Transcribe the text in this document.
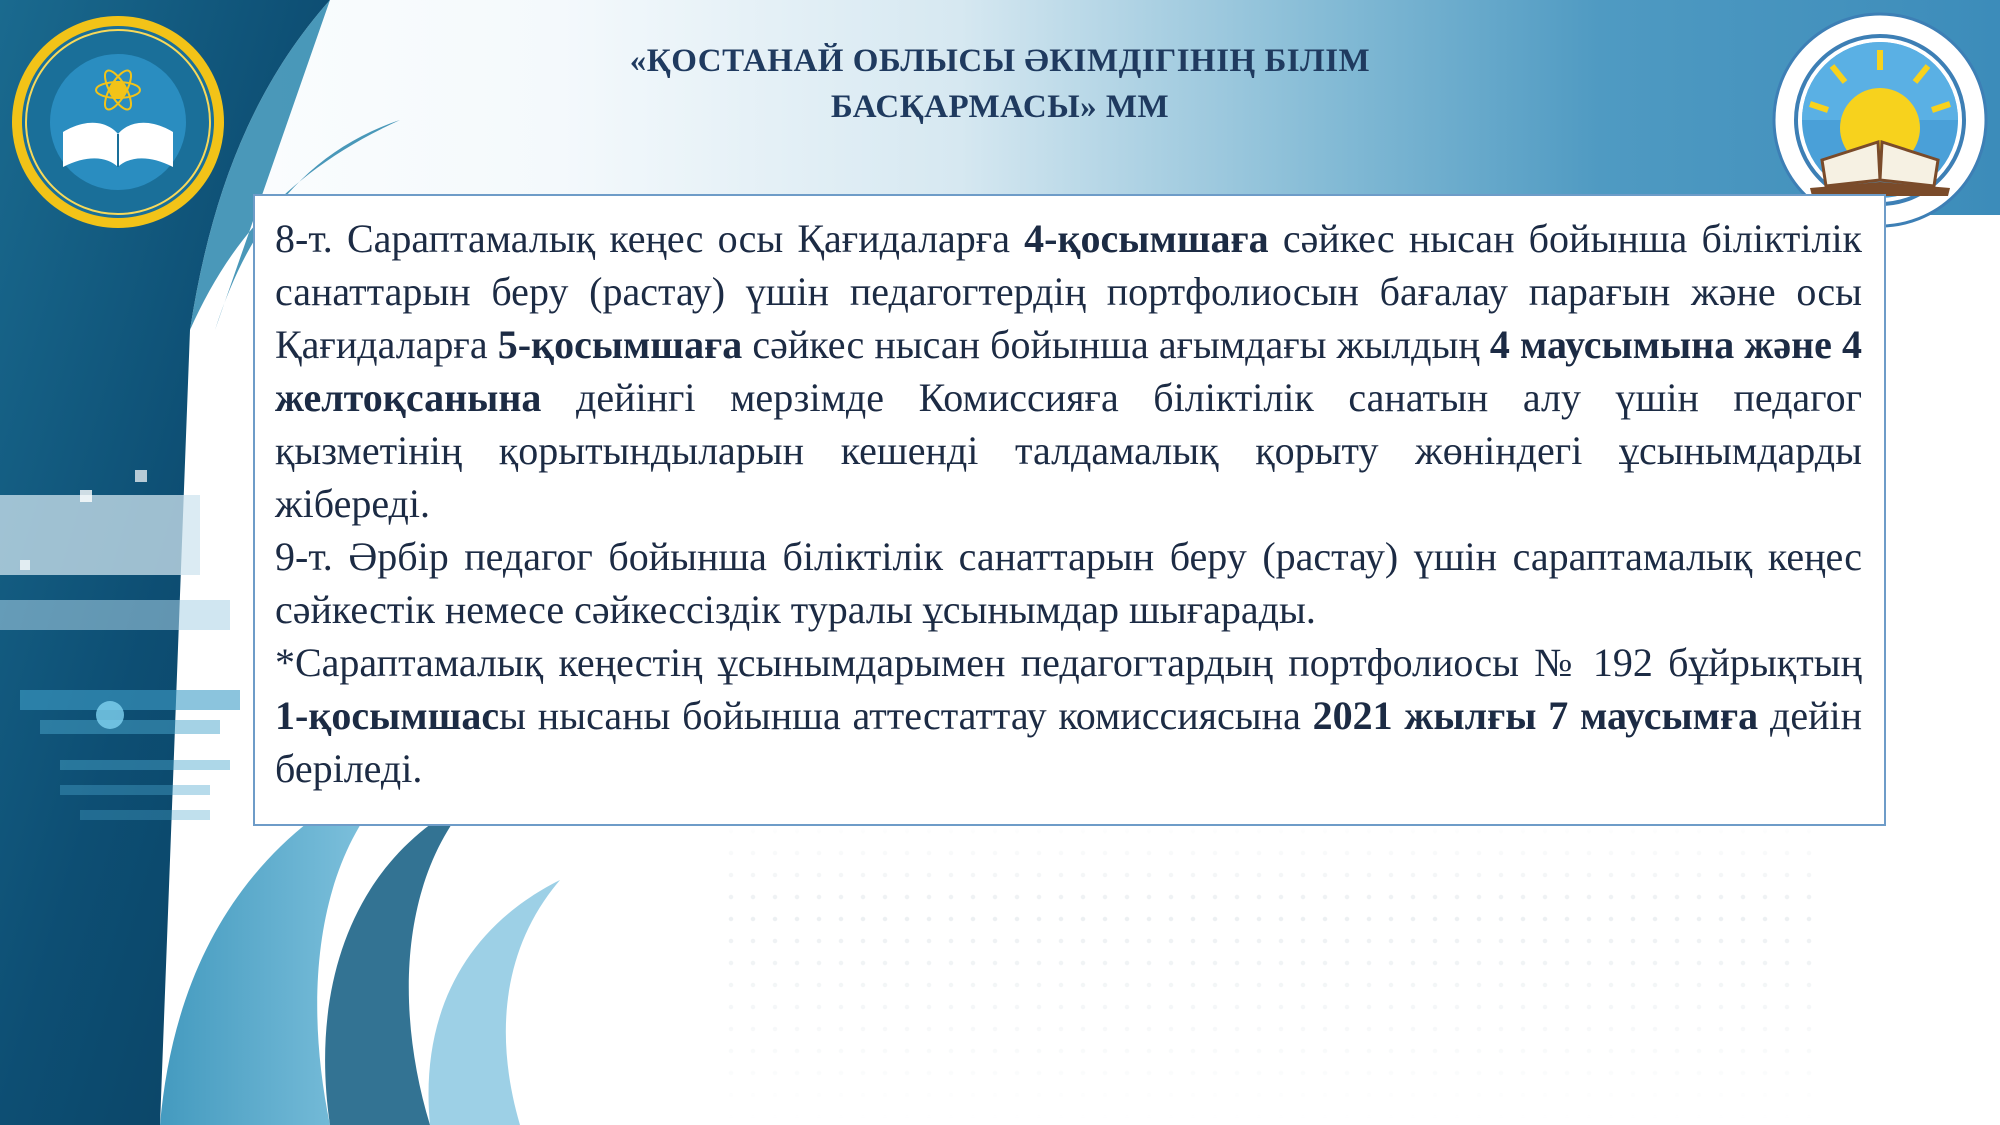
«ҚОСТАНАЙ ОБЛЫСЫ ӘКІМДІГІНІҢ БІЛІМ
БАСҚАРМАСЫ» ММ

8-т. Сараптамалық кеңес осы Қағидаларға 4-қосымшаға сәйкес нысан бойынша біліктілік санаттарын беру (растау) үшін педагогтердің портфолиосын бағалау парағын және осы Қағидаларға 5-қосымшаға сәйкес нысан бойынша ағымдағы жылдың 4 маусымына және 4 желтоқсанына дейінгі мерзімде Комиссияға біліктілік санатын алу үшін педагог қызметінің қорытындыларын кешенді талдамалық қорыту жөніндегі ұсынымдарды жібереді.

9-т. Әрбір педагог бойынша біліктілік санаттарын беру (растау) үшін сараптамалық кеңес сәйкестік немесе сәйкессіздік туралы ұсынымдар шығарады.

*Сараптамалық кеңестің ұсынымдарымен педагогтардың портфолиосы № 192 бұйрықтың 1-қосымшасы нысаны бойынша аттестаттау комиссиясына 2021 жылғы 7 маусымға дейін беріледі.
